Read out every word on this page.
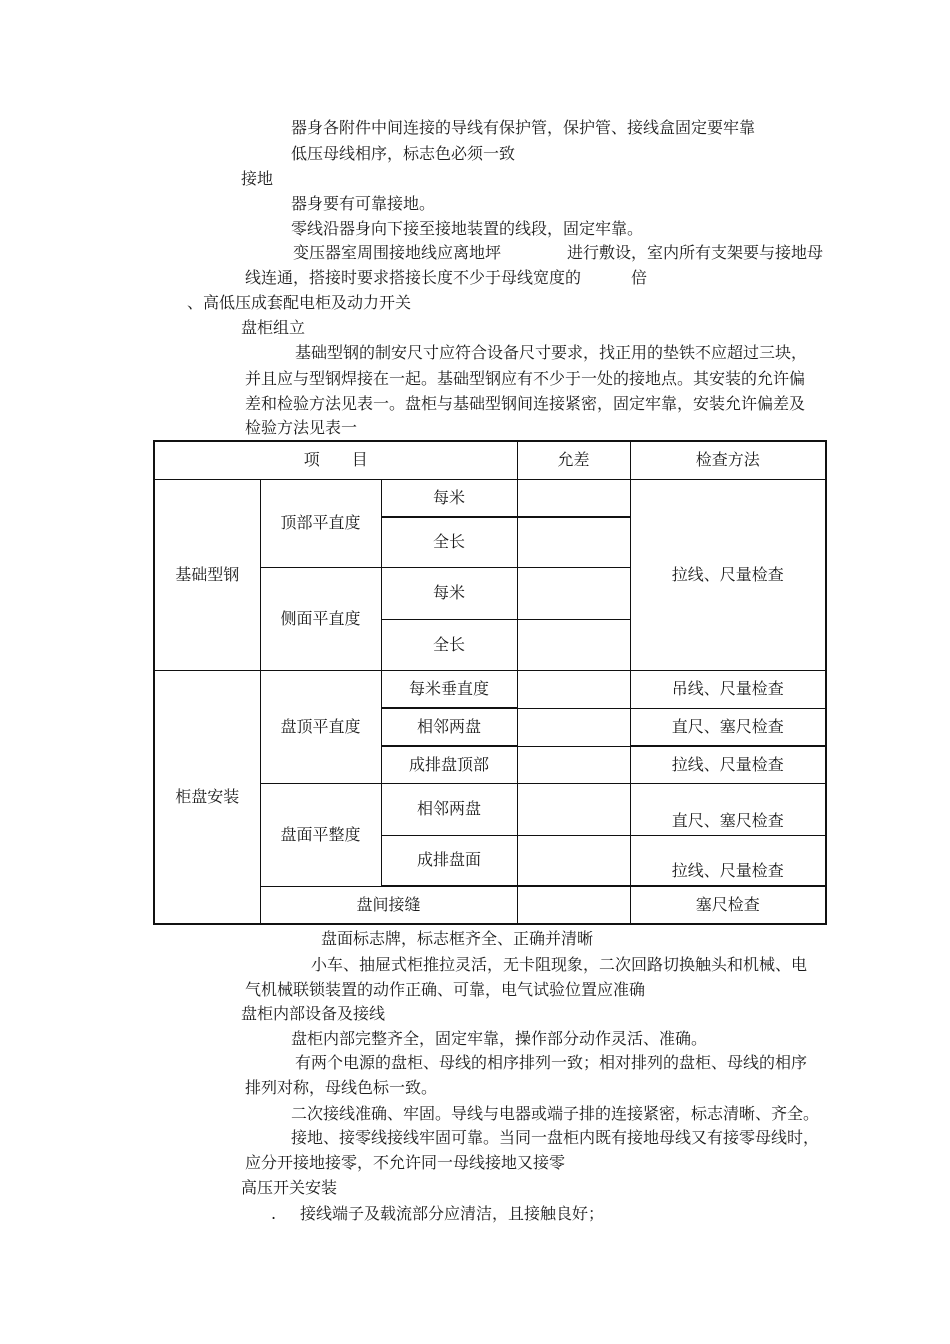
器身各附件中间连接的导线有保护管，保护管、接线盒固定要牢靠
低压母线相序，标志色必须一致
接地
器身要有可靠接地。
零线沿器身向下接至接地装置的线段，固定牢靠。
变压器室周围接地线应离地坪	进行敷设，室内所有支架要与接地母
线连通，搭接时要求搭接长度不少于母线宽度的	倍
、高低压成套配电柜及动力开关
盘柜组立
基础型钢的制安尺寸应符合设备尺寸要求，找正用的垫铁不应超过三块，
并且应与型钢焊接在一起。基础型钢应有不少于一处的接地点。其安装的允许偏
差和检验方法见表一。盘柜与基础型钢间连接紧密，固定牢靠，安装允许偏差及
检验方法见表一
项　　目			允差	检查方法
基础型钢	顶部平直度	每米		拉线、尺量检查
		全长		
	侧面平直度	每米		
		全长		
柜盘安装	盘顶平直度	每米垂直度		吊线、尺量检查
		相邻两盘		直尺、塞尺检查
		成排盘顶部		拉线、尺量检查
	盘面平整度	相邻两盘		直尺、塞尺检查
		成排盘面		拉线、尺量检查
	盘间接缝			塞尺检查
盘面标志牌，标志框齐全、正确并清晰
小车、抽屉式柜推拉灵活，无卡阻现象，二次回路切换触头和机械、电
气机械联锁装置的动作正确、可靠，电气试验位置应准确
盘柜内部设备及接线
盘柜内部完整齐全，固定牢靠，操作部分动作灵活、准确。
有两个电源的盘柜、母线的相序排列一致；相对排列的盘柜、母线的相序
排列对称，母线色标一致。
二次接线准确、牢固。导线与电器或端子排的连接紧密，标志清晰、齐全。
接地、接零线接线牢固可靠。当同一盘柜内既有接地母线又有接零母线时，
应分开接地接零，不允许同一母线接地又接零
高压开关安装
. 接线端子及载流部分应清洁，且接触良好；
